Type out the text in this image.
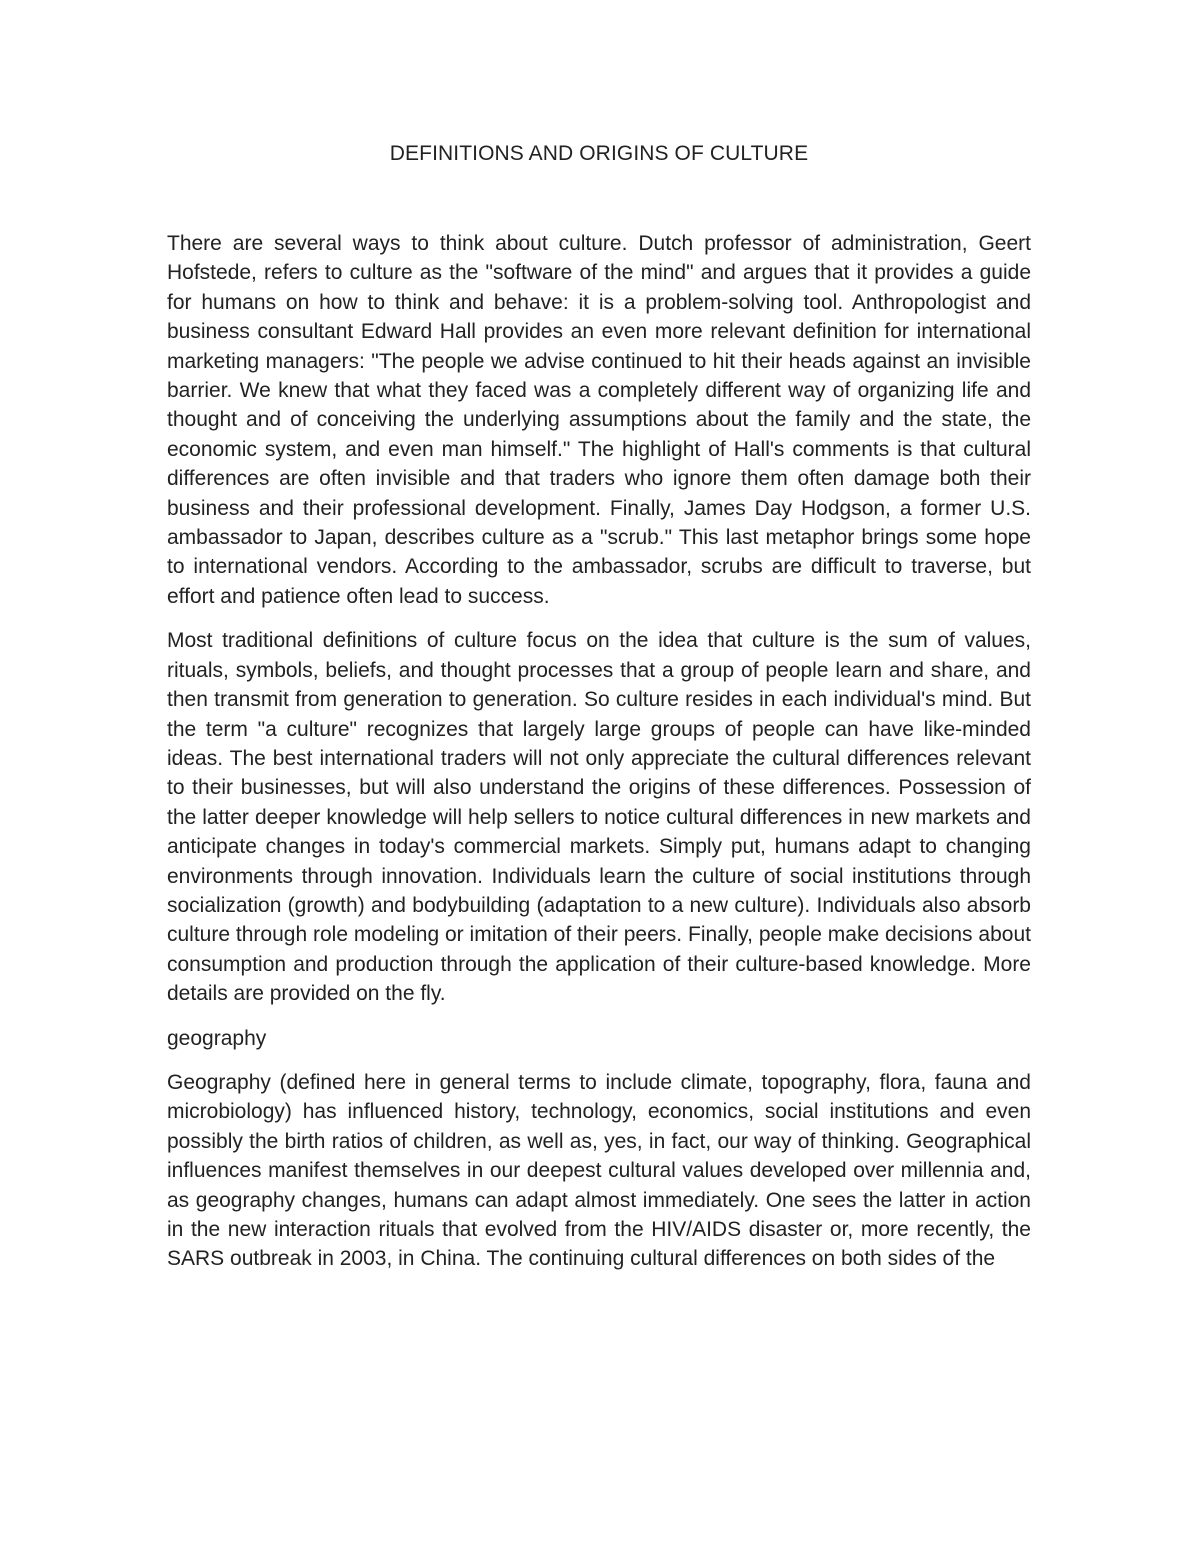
DEFINITIONS AND ORIGINS OF CULTURE

There are several ways to think about culture. Dutch professor of administration, Geert Hofstede, refers to culture as the "software of the mind" and argues that it provides a guide for humans on how to think and behave: it is a problem-solving tool. Anthropologist and business consultant Edward Hall provides an even more relevant definition for international marketing managers: "The people we advise continued to hit their heads against an invisible barrier. We knew that what they faced was a completely different way of organizing life and thought and of conceiving the underlying assumptions about the family and the state, the economic system, and even man himself." The highlight of Hall's comments is that cultural differences are often invisible and that traders who ignore them often damage both their business and their professional development. Finally, James Day Hodgson, a former U.S. ambassador to Japan, describes culture as a "scrub." This last metaphor brings some hope to international vendors. According to the ambassador, scrubs are difficult to traverse, but effort and patience often lead to success.

Most traditional definitions of culture focus on the idea that culture is the sum of values, rituals, symbols, beliefs, and thought processes that a group of people learn and share, and then transmit from generation to generation. So culture resides in each individual's mind. But the term "a culture" recognizes that largely large groups of people can have like-minded ideas. The best international traders will not only appreciate the cultural differences relevant to their businesses, but will also understand the origins of these differences. Possession of the latter deeper knowledge will help sellers to notice cultural differences in new markets and anticipate changes in today's commercial markets. Simply put, humans adapt to changing environments through innovation. Individuals learn the culture of social institutions through socialization (growth) and bodybuilding (adaptation to a new culture). Individuals also absorb culture through role modeling or imitation of their peers. Finally, people make decisions about consumption and production through the application of their culture-based knowledge. More details are provided on the fly.

geography

Geography (defined here in general terms to include climate, topography, flora, fauna and microbiology) has influenced history, technology, economics, social institutions and even possibly the birth ratios of children, as well as, yes, in fact, our way of thinking. Geographical influences manifest themselves in our deepest cultural values developed over millennia and, as geography changes, humans can adapt almost immediately. One sees the latter in action in the new interaction rituals that evolved from the HIV/AIDS disaster or, more recently, the SARS outbreak in 2003, in China. The continuing cultural differences on both sides of the
